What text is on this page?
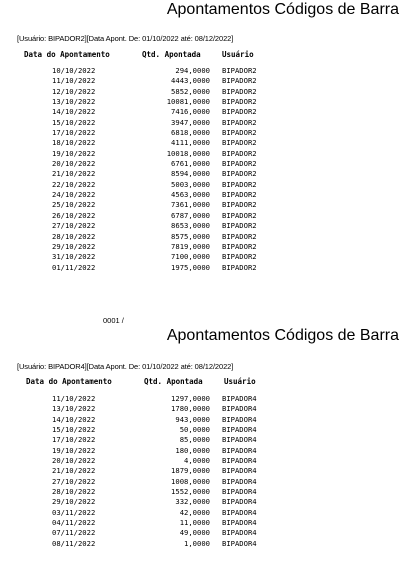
Apontamentos Códigos de Barra
[Usuário: BIPADOR2][Data Apont. De: 01/10/2022 até: 08/12/2022]
Data do Apontamento	Qtd. Apontada	Usuário
10/10/2022	294,0000 BIPADOR2
11/10/2022	4443,0000 BIPADOR2
12/10/2022	5852,0000 BIPADOR2
13/10/2022	10081,0000 BIPADOR2
14/10/2022	7416,0000 BIPADOR2
15/10/2022	3947,0000 BIPADOR2
17/10/2022	6818,0000 BIPADOR2
18/10/2022	4111,0000 BIPADOR2
19/10/2022	10018,0000 BIPADOR2
20/10/2022	6761,0000 BIPADOR2
21/10/2022	8594,0000 BIPADOR2
22/10/2022	5003,0000 BIPADOR2
24/10/2022	4563,0000 BIPADOR2
25/10/2022	7361,0000 BIPADOR2
26/10/2022	6787,0000 BIPADOR2
27/10/2022	8653,0000 BIPADOR2
28/10/2022	8575,0000 BIPADOR2
29/10/2022	7819,0000 BIPADOR2
31/10/2022	7100,0000 BIPADOR2
01/11/2022	1975,0000 BIPADOR2
0001 /
Apontamentos Códigos de Barra
[Usuário: BIPADOR4][Data Apont. De: 01/10/2022 até: 08/12/2022]
Data do Apontamento	Qtd. Apontada	Usuário
11/10/2022	1297,0000 BIPADOR4
13/10/2022	1780,0000 BIPADOR4
14/10/2022	943,0000 BIPADOR4
15/10/2022	50,0000 BIPADOR4
17/10/2022	85,0000 BIPADOR4
19/10/2022	180,0000 BIPADOR4
20/10/2022	4,0000 BIPADOR4
21/10/2022	1879,0000 BIPADOR4
27/10/2022	1008,0000 BIPADOR4
28/10/2022	1552,0000 BIPADOR4
29/10/2022	332,0000 BIPADOR4
03/11/2022	42,0000 BIPADOR4
04/11/2022	11,0000 BIPADOR4
07/11/2022	49,0000 BIPADOR4
08/11/2022	1,0000 BIPADOR4
